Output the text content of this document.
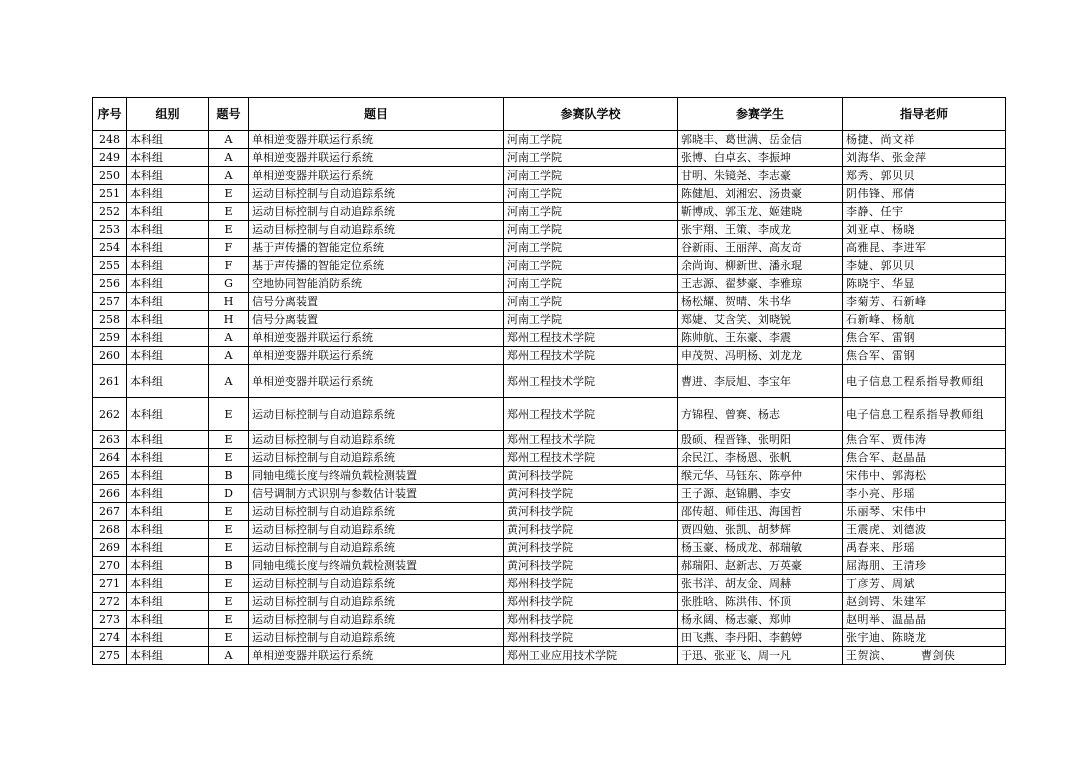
序号	组别	题号	题目	参赛队学校	参赛学生	指导老师
248	本科组	A	单相逆变器并联运行系统	河南工学院	郭晓丰、葛世满、岳金信	杨捷、尚文祥
249	本科组	A	单相逆变器并联运行系统	河南工学院	张博、白卓玄、李振坤	刘海华、张金萍
250	本科组	A	单相逆变器并联运行系统	河南工学院	甘明、朱镜尧、李志豪	郑秀、郭贝贝
251	本科组	E	运动目标控制与自动追踪系统	河南工学院	陈健旭、刘湘宏、汤贵豪	阴伟锋、邢倩
252	本科组	E	运动目标控制与自动追踪系统	河南工学院	靳博成、郭玉龙、姬建晓	李静、任宇
253	本科组	E	运动目标控制与自动追踪系统	河南工学院	张宇翔、王策、李成龙	刘亚卓、杨晓
254	本科组	F	基于声传播的智能定位系统	河南工学院	谷新雨、王丽萍、高友奇	高雅昆、李进军
255	本科组	F	基于声传播的智能定位系统	河南工学院	余尚询、柳新世、潘永琨	李婕、郭贝贝
256	本科组	G	空地协同智能消防系统	河南工学院	王志源、翟梦豪、李雅琼	陈晓宇、华显
257	本科组	H	信号分离装置	河南工学院	杨松耀、贺晴、朱书华	李菊芳、石新峰
258	本科组	H	信号分离装置	河南工学院	郑婕、艾含笑、刘晓锐	石新峰、杨航
259	本科组	A	单相逆变器并联运行系统	郑州工程技术学院	陈帅航、王东豪、李震	焦合军、雷钢
260	本科组	A	单相逆变器并联运行系统	郑州工程技术学院	申茂贺、冯明杨、刘龙龙	焦合军、雷钢
261	本科组	A	单相逆变器并联运行系统	郑州工程技术学院	曹进、李辰旭、李宝年	电子信息工程系指导教师组
262	本科组	E	运动目标控制与自动追踪系统	郑州工程技术学院	方锦程、曾赛、杨志	电子信息工程系指导教师组
263	本科组	E	运动目标控制与自动追踪系统	郑州工程技术学院	殷硕、程晋锋、张明阳	焦合军、贾伟涛
264	本科组	E	运动目标控制与自动追踪系统	郑州工程技术学院	余民江、李杨恩、张帆	焦合军、赵晶晶
265	本科组	B	同轴电缆长度与终端负载检测装置	黄河科技学院	缑元华、马钰东、陈亭仲	宋伟中、郭海松
266	本科组	D	信号调制方式识别与参数估计装置	黄河科技学院	王子源、赵锦鹏、李安	李小亮、彤瑶
267	本科组	E	运动目标控制与自动追踪系统	黄河科技学院	邵传超、师佳迅、海国哲	乐丽琴、宋伟中
268	本科组	E	运动目标控制与自动追踪系统	黄河科技学院	贾四勉、张凯、胡梦辉	王震虎、刘德波
269	本科组	E	运动目标控制与自动追踪系统	黄河科技学院	杨玉豪、杨成龙、郝瑞敏	禹春来、彤瑶
270	本科组	B	同轴电缆长度与终端负载检测装置	黄河科技学院	郝瑞阳、赵新志、万英豪	屈海朋、王清珍
271	本科组	E	运动目标控制与自动追踪系统	郑州科技学院	张书洋、胡友金、周赫	丁彦芳、周斌
272	本科组	E	运动目标控制与自动追踪系统	郑州科技学院	张胜晗、陈洪伟、怀顶	赵剑锷、朱建军
273	本科组	E	运动目标控制与自动追踪系统	郑州科技学院	杨永阔、杨志豪、郑帅	赵明举、温晶晶
274	本科组	E	运动目标控制与自动追踪系统	郑州科技学院	田飞燕、李丹阳、李鹤婷	张宇迪、陈晓龙
275	本科组	A	单相逆变器并联运行系统	郑州工业应用技术学院	于迅、张亚飞、周一凡	王贺滨、　　　曹剑侠
